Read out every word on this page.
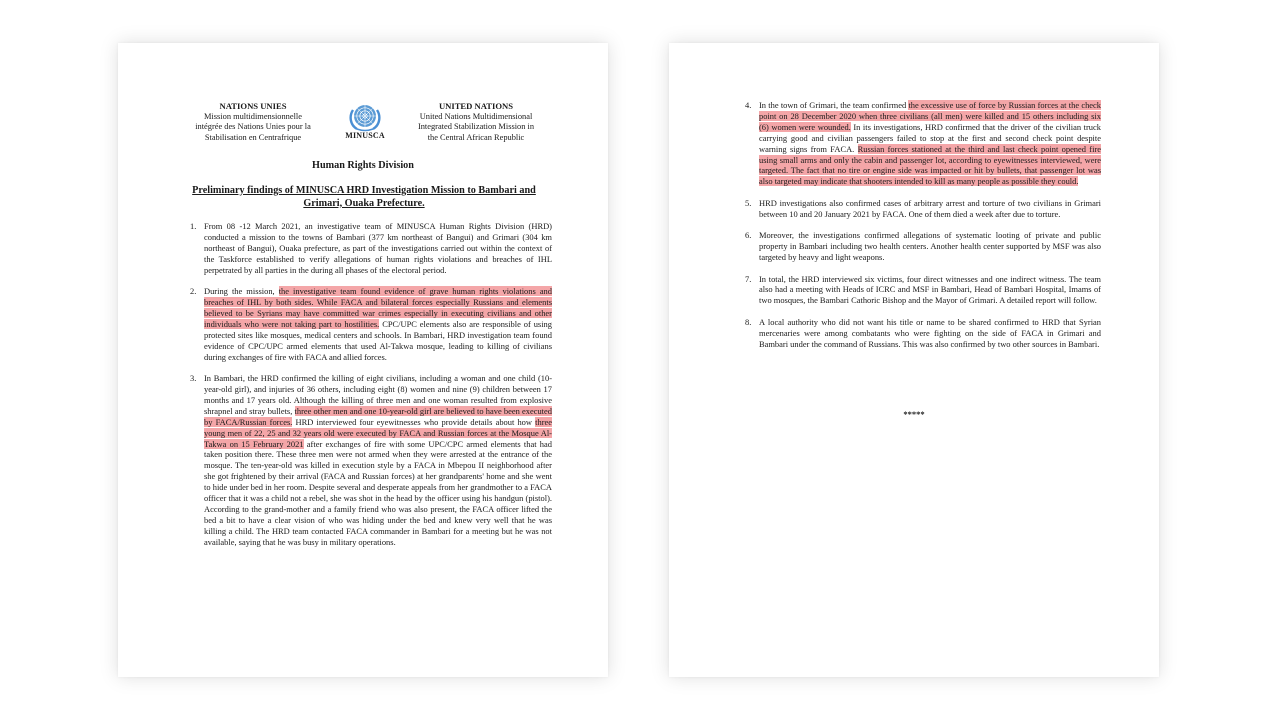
NATIONS UNIES
Mission multidimensionnelle
intégrée des Nations Unies pour la
Stabilisation en Centrafrique	MINUSCA
UNITED NATIONS
United Nations Multidimensional
Integrated Stabilization Mission in
the Central African Republic
Human Rights Division
Preliminary findings of MINUSCA HRD Investigation Mission to Bambari and Grimari, Ouaka Prefecture.
1. From 08 -12 March 2021, an investigative team of MINUSCA Human Rights Division (HRD) conducted a mission to the towns of Bambari (377 km northeast of Bangui) and Grimari (304 km northeast of Bangui), Ouaka prefecture, as part of the investigations carried out within the context of the Taskforce established to verify allegations of human rights violations and breaches of IHL perpetrated by all parties in the during all phases of the electoral period.
2. During the mission, the investigative team found evidence of grave human rights violations and breaches of IHL by both sides. While FACA and bilateral forces especially Russians and elements believed to be Syrians may have committed war crimes especially in executing civilians and other individuals who were not taking part to hostilities. CPC/UPC elements also are responsible of using protected sites like mosques, medical centers and schools. In Bambari, HRD investigation team found evidence of CPC/UPC armed elements that used Al-Takwa mosque, leading to killing of civilians during exchanges of fire with FACA and allied forces.
3. In Bambari, the HRD confirmed the killing of eight civilians, including a woman and one child (10-year-old girl), and injuries of 36 others, including eight (8) women and nine (9) children between 17 months and 17 years old. Although the killing of three men and one woman resulted from explosive shrapnel and stray bullets, three other men and one 10-year-old girl are believed to have been executed by FACA/Russian forces. HRD interviewed four eyewitnesses who provide details about how three young men of 22, 25 and 32 years old were executed by FACA and Russian forces at the Mosque Al-Takwa on 15 February 2021 after exchanges of fire with some UPC/CPC armed elements that had taken position there. These three men were not armed when they were arrested at the entrance of the mosque. The ten-year-old was killed in execution style by a FACA in Mbepou II neighborhood after she got frightened by their arrival (FACA and Russian forces) at her grandparents' home and she went to hide under bed in her room. Despite several and desperate appeals from her grandmother to a FACA officer that it was a child not a rebel, she was shot in the head by the officer using his handgun (pistol). According to the grand-mother and a family friend who was also present, the FACA officer lifted the bed a bit to have a clear vision of who was hiding under the bed and knew very well that he was killing a child. The HRD team contacted FACA commander in Bambari for a meeting but he was not available, saying that he was busy in military operations.
4. In the town of Grimari, the team confirmed the excessive use of force by Russian forces at the check point on 28 December 2020 when three civilians (all men) were killed and 15 others including six (6) women were wounded. In its investigations, HRD confirmed that the driver of the civilian truck carrying good and civilian passengers failed to stop at the first and second check point despite warning signs from FACA. Russian forces stationed at the third and last check point opened fire using small arms and only the cabin and passenger lot, according to eyewitnesses interviewed, were targeted. The fact that no tire or engine side was impacted or hit by bullets, that passenger lot was also targeted may indicate that shooters intended to kill as many people as possible they could.
5. HRD investigations also confirmed cases of arbitrary arrest and torture of two civilians in Grimari between 10 and 20 January 2021 by FACA. One of them died a week after due to torture.
6. Moreover, the investigations confirmed allegations of systematic looting of private and public property in Bambari including two health centers. Another health center supported by MSF was also targeted by heavy and light weapons.
7. In total, the HRD interviewed six victims, four direct witnesses and one indirect witness. The team also had a meeting with Heads of ICRC and MSF in Bambari, Head of Bambari Hospital, Imams of two mosques, the Bambari Cathoric Bishop and the Mayor of Grimari. A detailed report will follow.
8. A local authority who did not want his title or name to be shared confirmed to HRD that Syrian mercenaries were among combatants who were fighting on the side of FACA in Grimari and Bambari under the command of Russians. This was also confirmed by two other sources in Bambari.
*****
